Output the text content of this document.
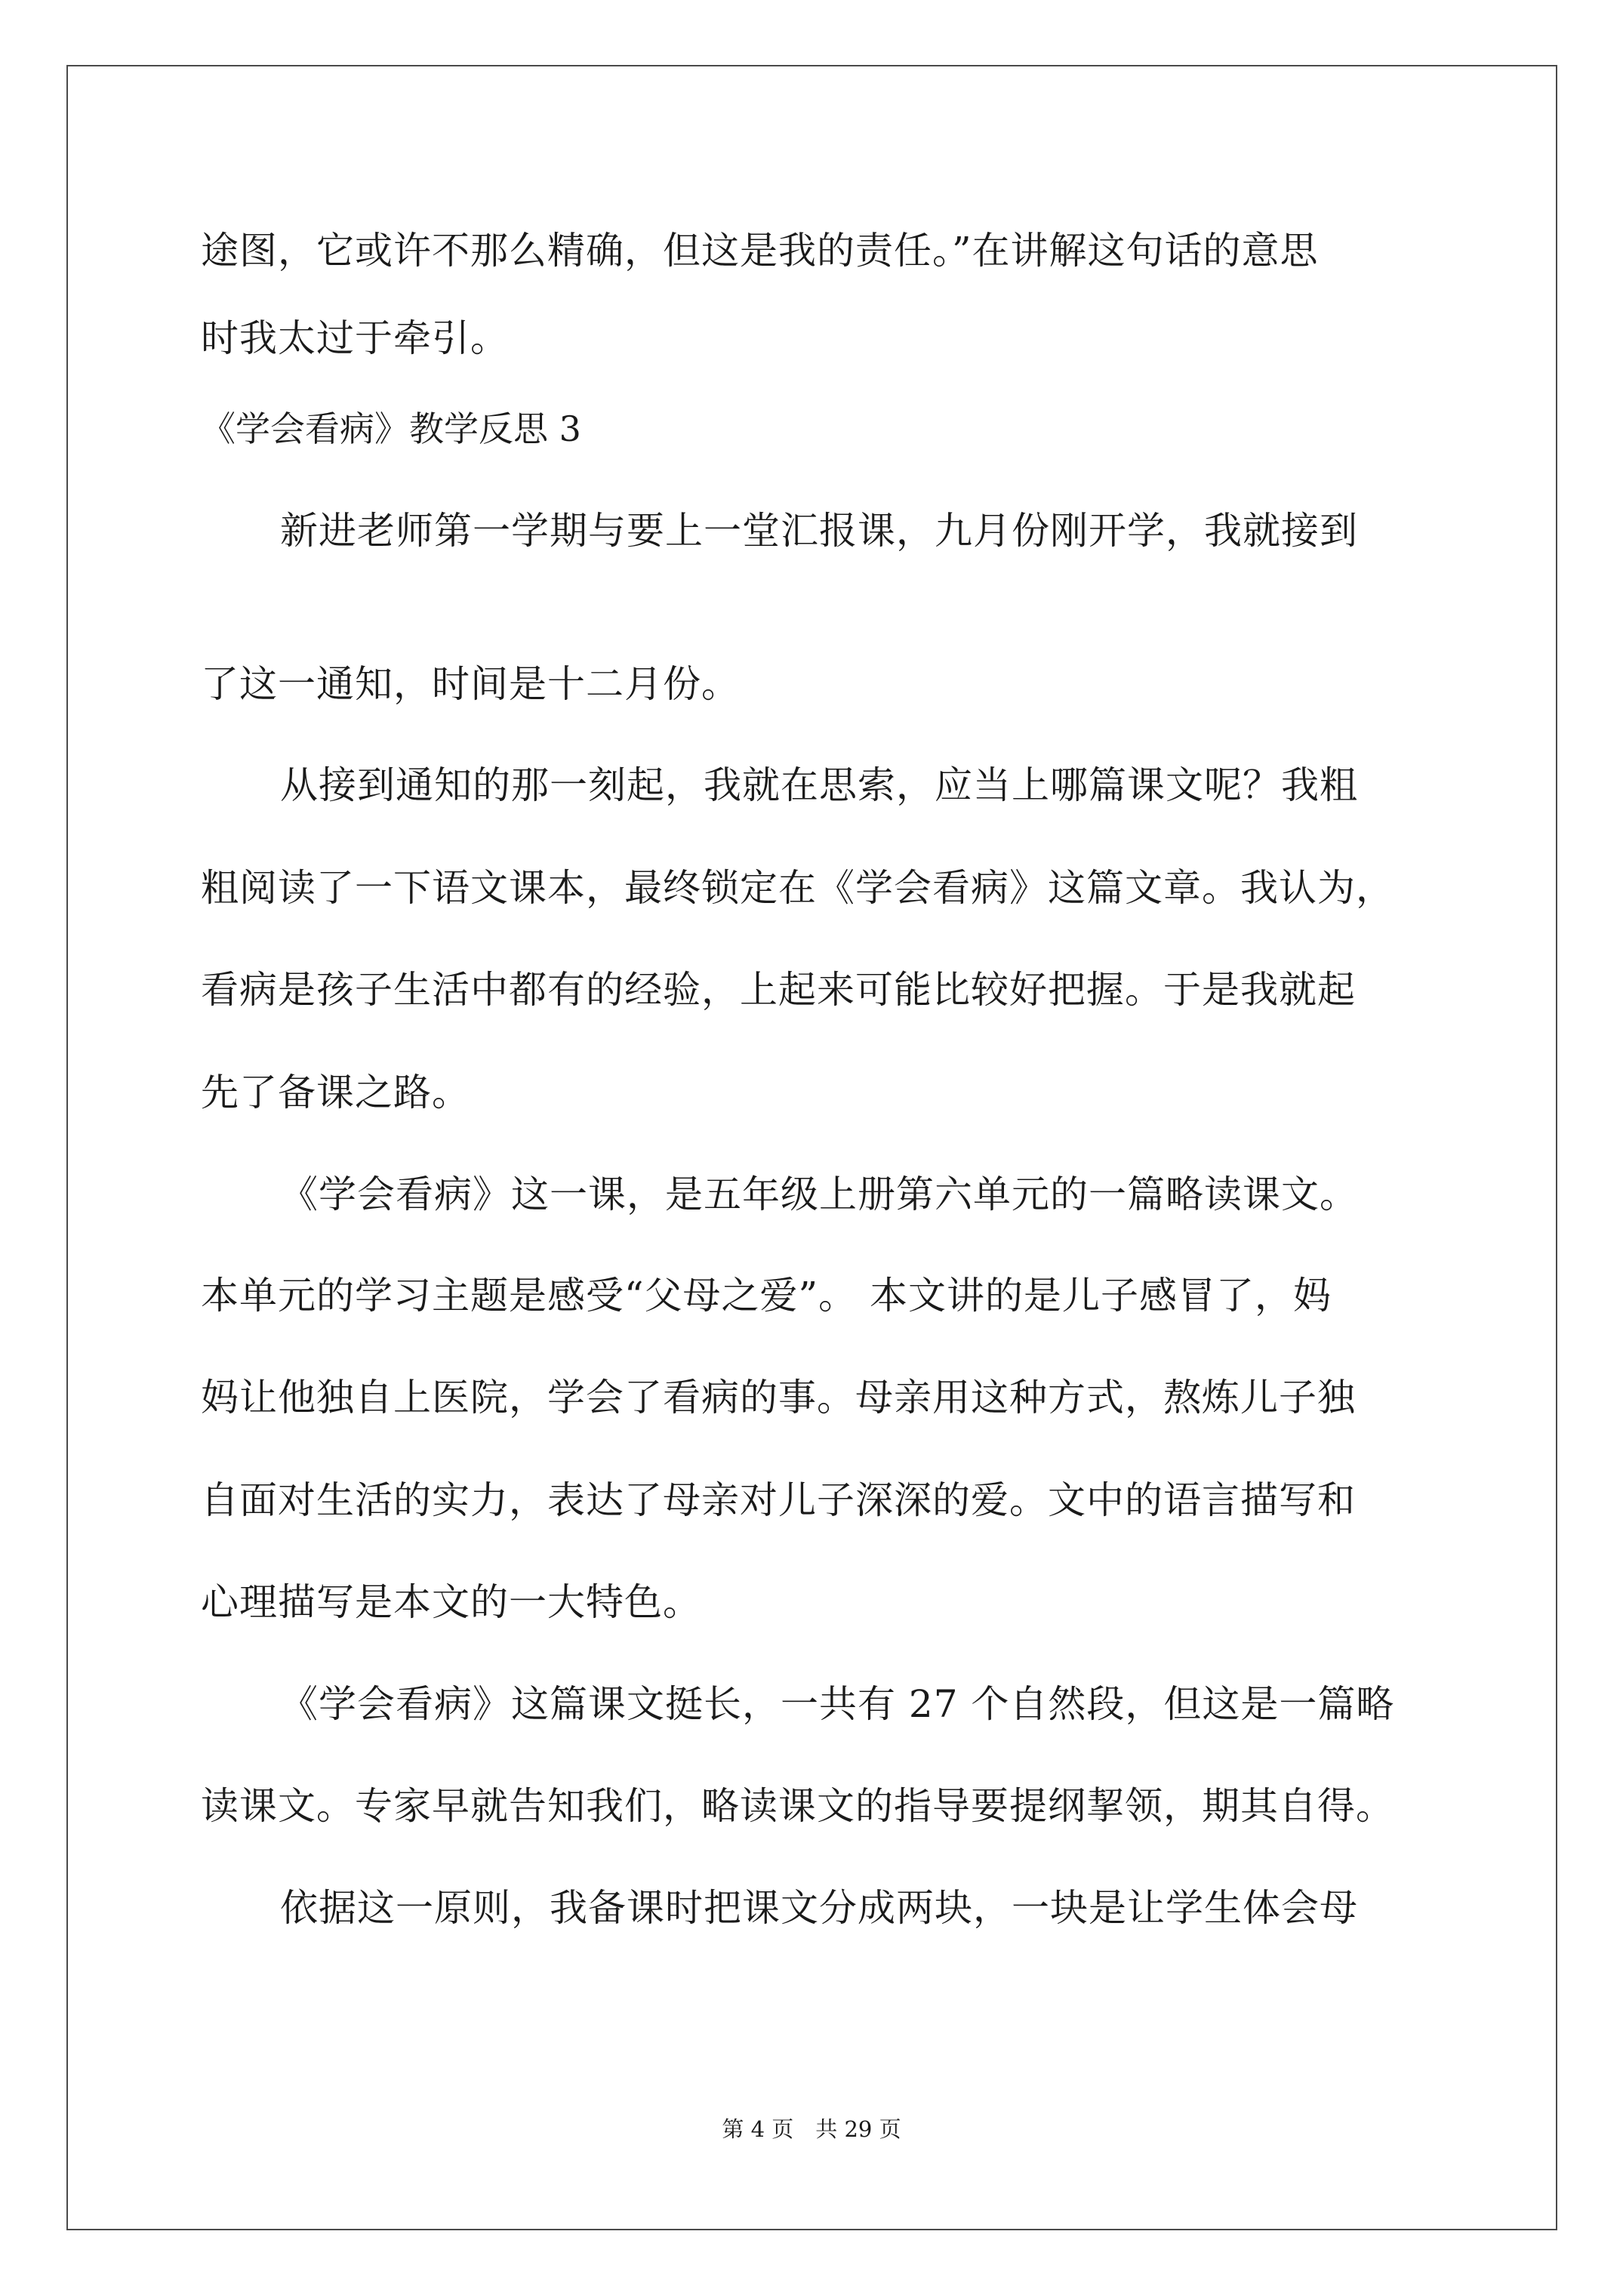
途图，它或许不那么精确，但这是我的责任。”在讲解这句话的意思
时我太过于牵引。
《学会看病》教学反思 3
新进老师第一学期与要上一堂汇报课，九月份刚开学，我就接到
了这一通知，时间是十二月份。
从接到通知的那一刻起，我就在思索，应当上哪篇课文呢？我粗
粗阅读了一下语文课本，最终锁定在《学会看病》这篇文章。我认为，
看病是孩子生活中都有的经验，上起来可能比较好把握。于是我就起
先了备课之路。
《学会看病》这一课，是五年级上册第六单元的一篇略读课文。
本单元的学习主题是感受“父母之爱”。 本文讲的是儿子感冒了，妈
妈让他独自上医院，学会了看病的事。母亲用这种方式，熬炼儿子独
自面对生活的实力，表达了母亲对儿子深深的爱。文中的语言描写和
心理描写是本文的一大特色。
《学会看病》这篇课文挺长，一共有 27 个自然段，但这是一篇略
读课文。专家早就告知我们，略读课文的指导要提纲挈领，期其自得。
依据这一原则，我备课时把课文分成两块，一块是让学生体会母
第 4 页　共 29 页
